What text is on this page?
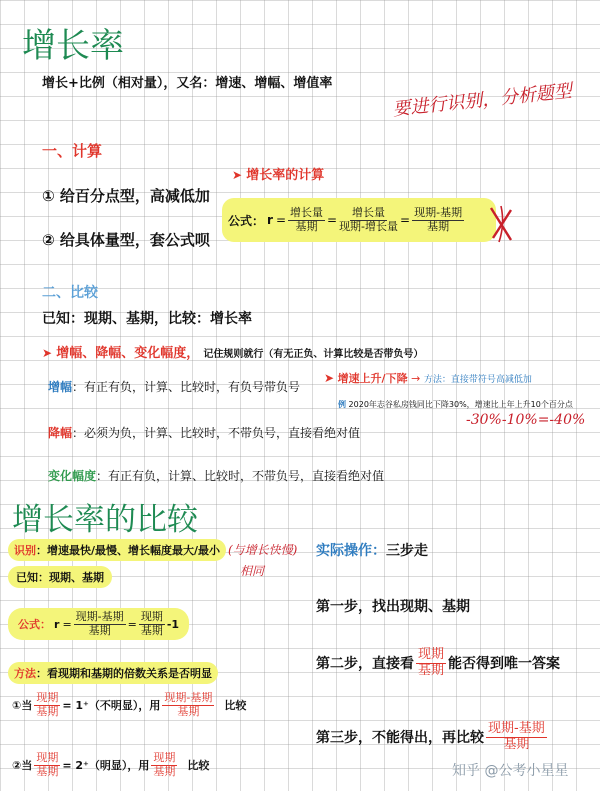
增长率
增长+比例（相对量），又名：增速、增幅、增值率	要进行识别，分析题型
一、计算
① 给百分点型，高减低加
② 给具体量型，套公式呗
➤ 增长率的计算
公式： $r = \frac{\text{增长量}}{\text{基期}} = \frac{\text{增长量}}{\text{现期-增长量}} = \frac{\text{现期-基期}}{\text{基期}}$
二、比较
已知：现期、基期，比较：增长率
➤ 增幅、降幅、变化幅度， 记住规则就行（有无正负、计算比较是否带负号）
增幅：有正有负，计算、比较时，有负号带负号
降幅：必须为负，计算、比较时，不带负号，直接看绝对值
变化幅度：有正有负，计算、比较时，不带负号，直接看绝对值
➤ 增速上升/下降 → 方法：直接带符号高减低加
例 2020年志谷私房钱同比下降30%，增速比上年上升10个百分点
-30%-10%=-40%
增长率的比较
识别：增速最快/最慢、增长幅度最大/最小 (与增长快慢)
相同
已知：现期、基期
公式： $r = \frac{\text{现期-基期}}{\text{基期}} = \frac{\text{现期}}{\text{基期}} -1$
方法：看现期和基期的倍数关系是否明显
①当 $\frac{\text{现期}}{\text{基期}} = 1^+$（不明显），用 $\frac{\text{现期-基期}}{\text{基期}}$ 比较
②当 $\frac{\text{现期}}{\text{基期}} = 2^+$（明显），用 $\frac{\text{现期}}{\text{基期}}$ 比较
实际操作：三步走
第一步，找出现期、基期
第二步，直接看 $\frac{\text{现期}}{\text{基期}}$ 能否得到唯一答案
第三步，不能得出，再比较 $\frac{\text{现期-基期}}{\text{基期}}$
知乎 @公考小星星
